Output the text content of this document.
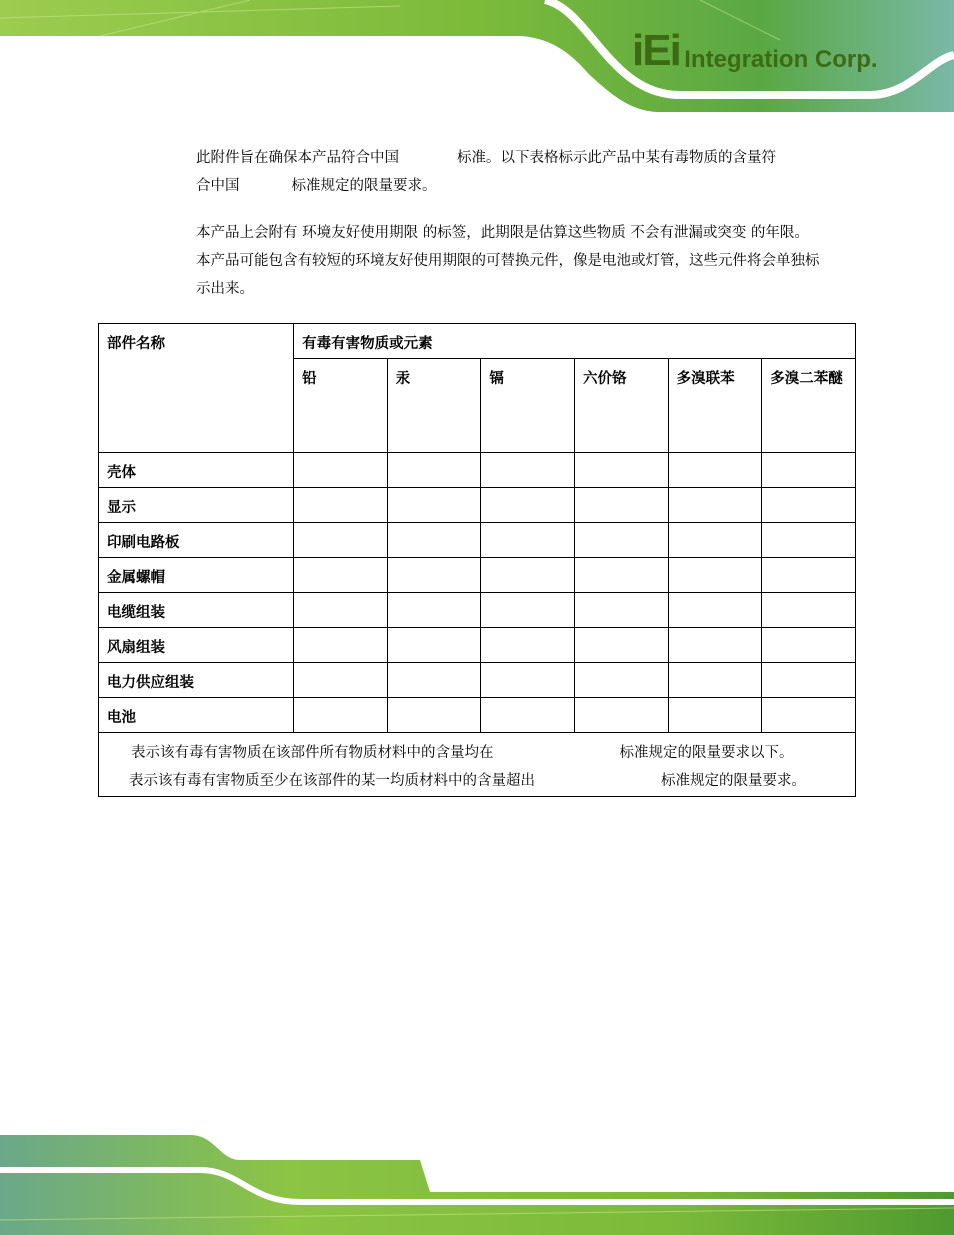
iEi Integration Corp.
此附件旨在确保本产品符合中国	标准。以下表格标示此产品中某有毒物质的含量符
合中国	标准规定的限量要求。
本产品上会附有 环境友好使用期限 的标签，此期限是估算这些物质 不会有泄漏或突变 的年限。本产品可能包含有较短的环境友好使用期限的可替换元件，像是电池或灯管，这些元件将会单独标示出来。
部件名称	有毒有害物质或元素
铅	汞	镉	六价铬	多溴联苯	多溴二苯醚
壳体						
显示						
印刷电路板						
金属螺帽						
电缆组装						
风扇组装						
电力供应组装						
电池						

表示该有毒有害物质在该部件所有物质材料中的含量均在	标准规定的限量要求以下。
表示该有毒有害物质至少在该部件的某一均质材料中的含量超出	标准规定的限量要求。
